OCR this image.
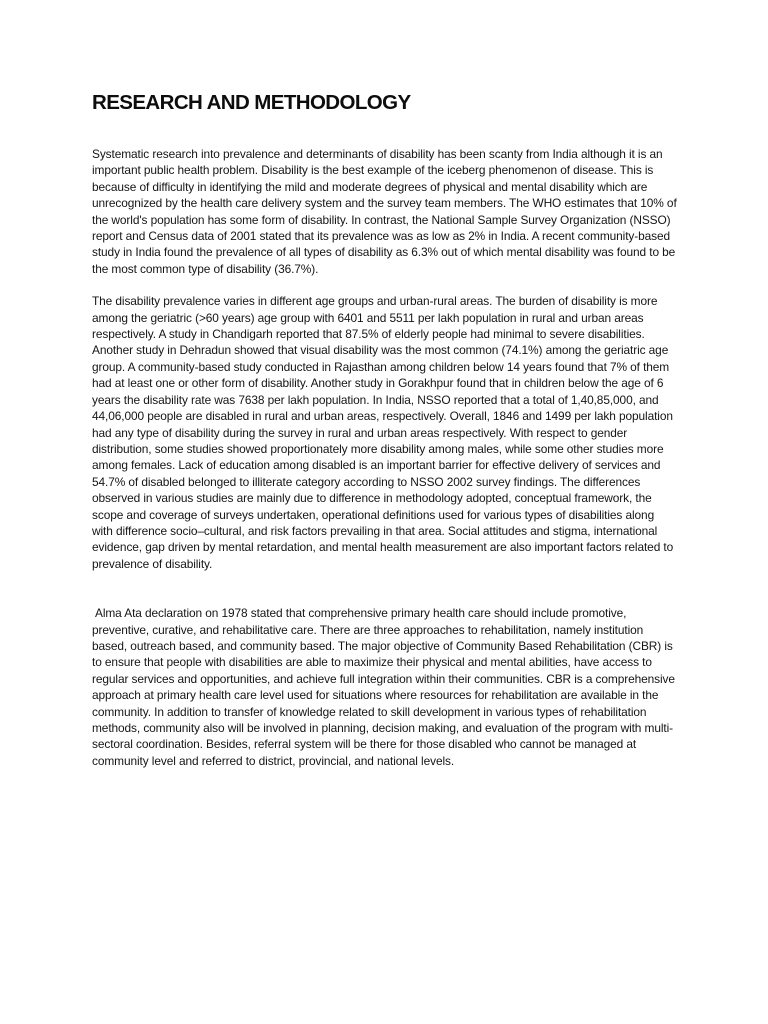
RESEARCH AND METHODOLOGY

Systematic research into prevalence and determinants of disability has been scanty from India although it is an important public health problem. Disability is the best example of the iceberg phenomenon of disease. This is because of difficulty in identifying the mild and moderate degrees of physical and mental disability which are unrecognized by the health care delivery system and the survey team members. The WHO estimates that 10% of the world's population has some form of disability. In contrast, the National Sample Survey Organization (NSSO) report and Census data of 2001 stated that its prevalence was as low as 2% in India. A recent community-based study in India found the prevalence of all types of disability as 6.3% out of which mental disability was found to be the most common type of disability (36.7%).

The disability prevalence varies in different age groups and urban-rural areas. The burden of disability is more among the geriatric (>60 years) age group with 6401 and 5511 per lakh population in rural and urban areas respectively. A study in Chandigarh reported that 87.5% of elderly people had minimal to severe disabilities. Another study in Dehradun showed that visual disability was the most common (74.1%) among the geriatric age group. A community-based study conducted in Rajasthan among children below 14 years found that 7% of them had at least one or other form of disability. Another study in Gorakhpur found that in children below the age of 6 years the disability rate was 7638 per lakh population. In India, NSSO reported that a total of 1,40,85,000, and 44,06,000 people are disabled in rural and urban areas, respectively. Overall, 1846 and 1499 per lakh population had any type of disability during the survey in rural and urban areas respectively. With respect to gender distribution, some studies showed proportionately more disability among males, while some other studies more among females. Lack of education among disabled is an important barrier for effective delivery of services and 54.7% of disabled belonged to illiterate category according to NSSO 2002 survey findings. The differences observed in various studies are mainly due to difference in methodology adopted, conceptual framework, the scope and coverage of surveys undertaken, operational definitions used for various types of disabilities along with difference socio–cultural, and risk factors prevailing in that area. Social attitudes and stigma, international evidence, gap driven by mental retardation, and mental health measurement are also important factors related to prevalence of disability.

Alma Ata declaration on 1978 stated that comprehensive primary health care should include promotive, preventive, curative, and rehabilitative care. There are three approaches to rehabilitation, namely institution based, outreach based, and community based. The major objective of Community Based Rehabilitation (CBR) is to ensure that people with disabilities are able to maximize their physical and mental abilities, have access to regular services and opportunities, and achieve full integration within their communities. CBR is a comprehensive approach at primary health care level used for situations where resources for rehabilitation are available in the community. In addition to transfer of knowledge related to skill development in various types of rehabilitation methods, community also will be involved in planning, decision making, and evaluation of the program with multi-sectoral coordination. Besides, referral system will be there for those disabled who cannot be managed at community level and referred to district, provincial, and national levels.
